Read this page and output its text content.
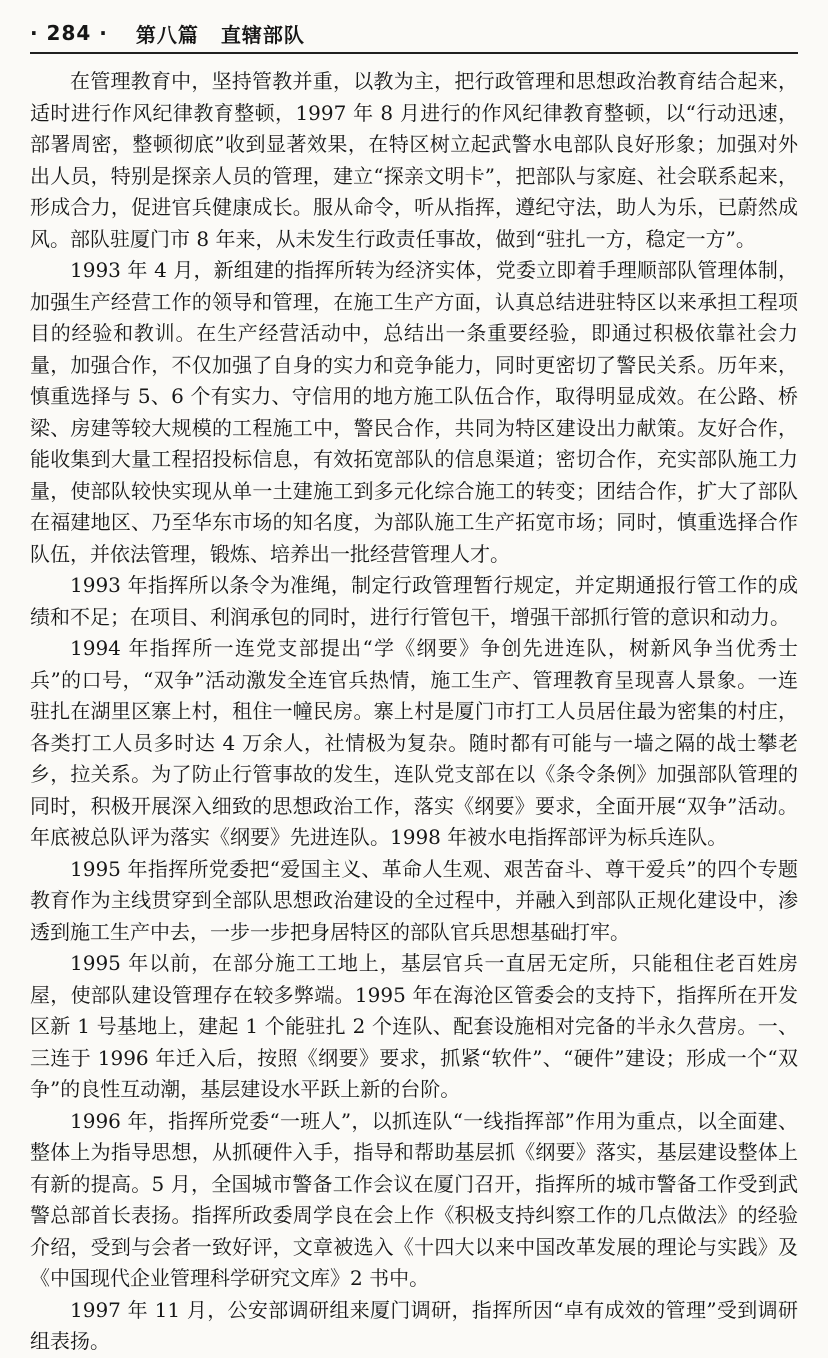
· 284 · 第八篇 直辖部队

在管理教育中，坚持管教并重，以教为主，把行政管理和思想政治教育结合起来，适时进行作风纪律教育整顿，1997 年 8 月进行的作风纪律教育整顿，以“行动迅速，部署周密，整顿彻底”收到显著效果，在特区树立起武警水电部队良好形象；加强对外出人员，特别是探亲人员的管理，建立“探亲文明卡”，把部队与家庭、社会联系起来，形成合力，促进官兵健康成长。服从命令，听从指挥，遵纪守法，助人为乐，已蔚然成风。部队驻厦门市 8 年来，从未发生行政责任事故，做到“驻扎一方，稳定一方”。

1993 年 4 月，新组建的指挥所转为经济实体，党委立即着手理顺部队管理体制，加强生产经营工作的领导和管理，在施工生产方面，认真总结进驻特区以来承担工程项目的经验和教训。在生产经营活动中，总结出一条重要经验，即通过积极依靠社会力量，加强合作，不仅加强了自身的实力和竞争能力，同时更密切了警民关系。历年来，慎重选择与 5、6 个有实力、守信用的地方施工队伍合作，取得明显成效。在公路、桥梁、房建等较大规模的工程施工中，警民合作，共同为特区建设出力献策。友好合作，能收集到大量工程招投标信息，有效拓宽部队的信息渠道；密切合作，充实部队施工力量，使部队较快实现从单一土建施工到多元化综合施工的转变；团结合作，扩大了部队在福建地区、乃至华东市场的知名度，为部队施工生产拓宽市场；同时，慎重选择合作队伍，并依法管理，锻炼、培养出一批经营管理人才。

1993 年指挥所以条令为准绳，制定行政管理暂行规定，并定期通报行管工作的成绩和不足；在项目、利润承包的同时，进行行管包干，增强干部抓行管的意识和动力。

1994 年指挥所一连党支部提出“学《纲要》争创先进连队，树新风争当优秀士兵”的口号，“双争”活动激发全连官兵热情，施工生产、管理教育呈现喜人景象。一连驻扎在湖里区寨上村，租住一幢民房。寨上村是厦门市打工人员居住最为密集的村庄，各类打工人员多时达 4 万余人，社情极为复杂。随时都有可能与一墙之隔的战士攀老乡，拉关系。为了防止行管事故的发生，连队党支部在以《条令条例》加强部队管理的同时，积极开展深入细致的思想政治工作，落实《纲要》要求，全面开展“双争”活动。年底被总队评为落实《纲要》先进连队。1998 年被水电指挥部评为标兵连队。

1995 年指挥所党委把“爱国主义、革命人生观、艰苦奋斗、尊干爱兵”的四个专题教育作为主线贯穿到全部队思想政治建设的全过程中，并融入到部队正规化建设中，渗透到施工生产中去，一步一步把身居特区的部队官兵思想基础打牢。

1995 年以前，在部分施工工地上，基层官兵一直居无定所，只能租住老百姓房屋，使部队建设管理存在较多弊端。1995 年在海沧区管委会的支持下，指挥所在开发区新 1 号基地上，建起 1 个能驻扎 2 个连队、配套设施相对完备的半永久营房。一、三连于 1996 年迁入后，按照《纲要》要求，抓紧“软件”、“硬件”建设；形成一个“双争”的良性互动潮，基层建设水平跃上新的台阶。

1996 年，指挥所党委“一班人”，以抓连队“一线指挥部”作用为重点，以全面建、整体上为指导思想，从抓硬件入手，指导和帮助基层抓《纲要》落实，基层建设整体上有新的提高。5 月，全国城市警备工作会议在厦门召开，指挥所的城市警备工作受到武警总部首长表扬。指挥所政委周学良在会上作《积极支持纠察工作的几点做法》的经验介绍，受到与会者一致好评，文章被选入《十四大以来中国改革发展的理论与实践》及《中国现代企业管理科学研究文库》2 书中。

1997 年 11 月，公安部调研组来厦门调研，指挥所因“卓有成效的管理”受到调研组表扬。
